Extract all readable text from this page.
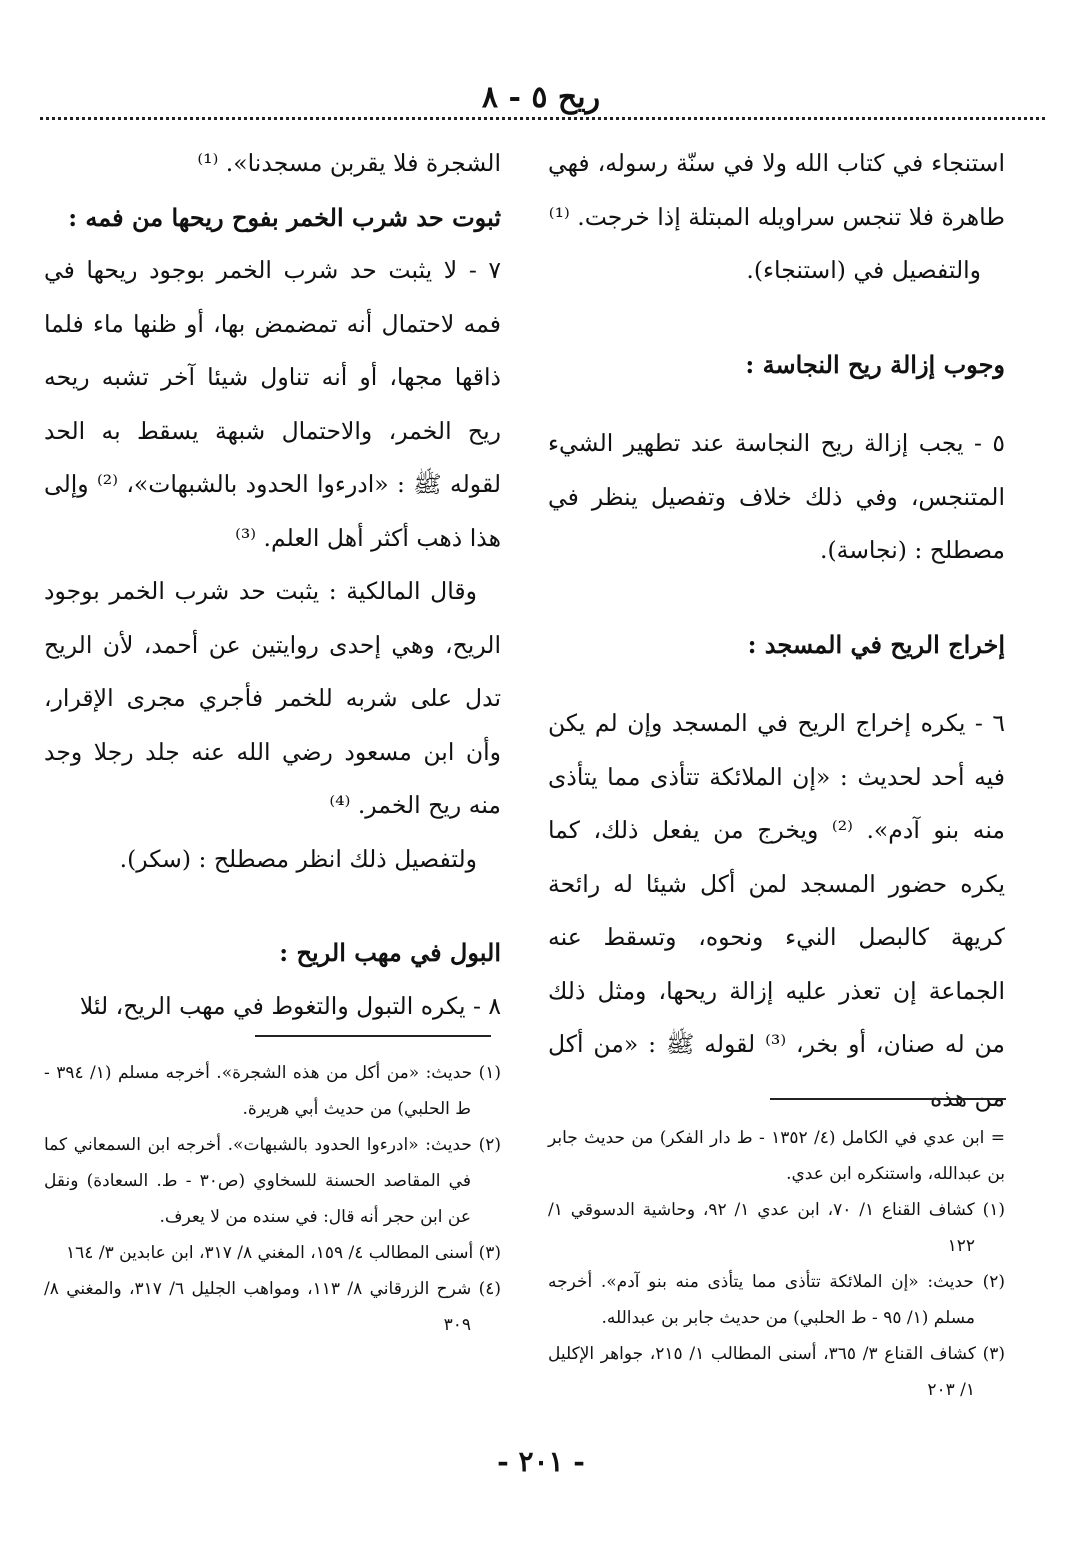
ريح ٥ - ٨

استنجاء في كتاب الله ولا في سنّة رسوله، فهي طاهرة فلا تنجس سراويله المبتلة إذا خرجت. ⁽¹⁾

والتفصيل في (استنجاء).

وجوب إزالة ريح النجاسة :

٥ - يجب إزالة ريح النجاسة عند تطهير الشيء المتنجس، وفي ذلك خلاف وتفصيل ينظر في مصطلح : (نجاسة).

إخراج الريح في المسجد :

٦ - يكره إخراج الريح في المسجد وإن لم يكن فيه أحد لحديث : «إن الملائكة تتأذى مما يتأذى منه بنو آدم». ⁽²⁾ ويخرج من يفعل ذلك، كما يكره حضور المسجد لمن أكل شيئا له رائحة كريهة كالبصل النيء ونحوه، وتسقط عنه الجماعة إن تعذر عليه إزالة ريحها، ومثل ذلك من له صنان، أو بخر، ⁽³⁾ لقوله ﷺ : «من أكل من هذه

الشجرة فلا يقربن مسجدنا». ⁽¹⁾

ثبوت حد شرب الخمر بفوح ريحها من فمه :

٧ - لا يثبت حد شرب الخمر بوجود ريحها في فمه لاحتمال أنه تمضمض بها، أو ظنها ماء فلما ذاقها مجها، أو أنه تناول شيئا آخر تشبه ريحه ريح الخمر، والاحتمال شبهة يسقط به الحد لقوله ﷺ : «ادرءوا الحدود بالشبهات»، ⁽²⁾ وإلى هذا ذهب أكثر أهل العلم. ⁽³⁾

وقال المالكية : يثبت حد شرب الخمر بوجود الريح، وهي إحدى روايتين عن أحمد، لأن الريح تدل على شربه للخمر فأجري مجرى الإقرار، وأن ابن مسعود رضي الله عنه جلد رجلا وجد منه ريح الخمر. ⁽⁴⁾

ولتفصيل ذلك انظر مصطلح : (سكر).

البول في مهب الريح :

٨ - يكره التبول والتغوط في مهب الريح، لئلا

= ابن عدي في الكامل (٤/ ١٣٥٢ - ط دار الفكر) من حديث جابر بن عبدالله، واستنكره ابن عدي.

(١) كشاف القناع ١/ ٧٠، ابن عدي ١/ ٩٢، وحاشية الدسوقي ١/ ١٢٢

(٢) حديث: «إن الملائكة تتأذى مما يتأذى منه بنو آدم». أخرجه مسلم (١/ ٩٥ - ط الحلبي) من حديث جابر بن عبدالله.

(٣) كشاف القناع ٣/ ٣٦٥، أسنى المطالب ١/ ٢١٥، جواهر الإكليل ١/ ٢٠٣

(١) حديث: «من أكل من هذه الشجرة». أخرجه مسلم (١/ ٣٩٤ - ط الحلبي) من حديث أبي هريرة.

(٢) حديث: «ادرءوا الحدود بالشبهات». أخرجه ابن السمعاني كما في المقاصد الحسنة للسخاوي (ص٣٠ - ط. السعادة) ونقل عن ابن حجر أنه قال: في سنده من لا يعرف.

(٣) أسنى المطالب ٤/ ١٥٩، المغني ٨/ ٣١٧، ابن عابدين ٣/ ١٦٤

(٤) شرح الزرقاني ٨/ ١١٣، ومواهب الجليل ٦/ ٣١٧، والمغني ٨/ ٣٠٩

- ٢٠١ -
